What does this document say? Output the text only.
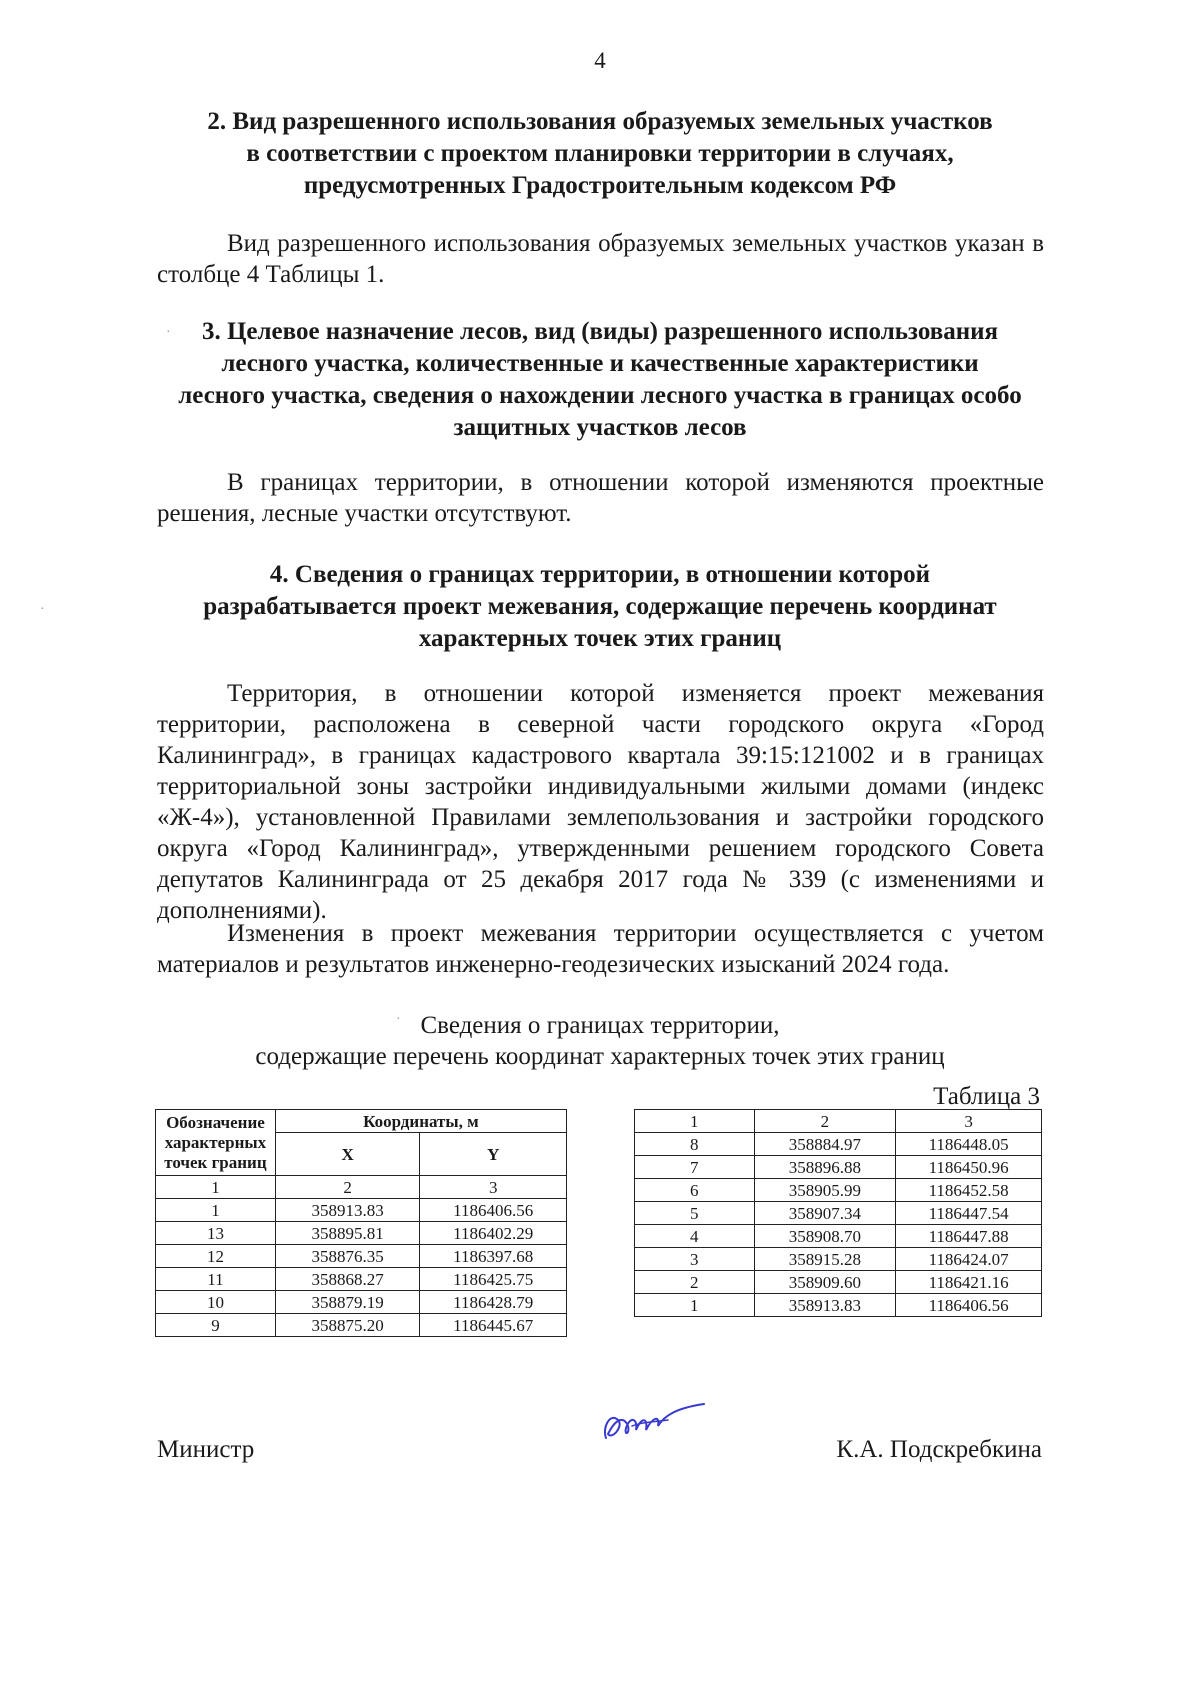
4
2. Вид разрешенного использования образуемых земельных участков
в соответствии с проектом планировки территории в случаях,
предусмотренных Градостроительным кодексом РФ

Вид разрешенного использования образуемых земельных участков указан в столбце 4 Таблицы 1.

3. Целевое назначение лесов, вид (виды) разрешенного использования
лесного участка, количественные и качественные характеристики
лесного участка, сведения о нахождении лесного участка в границах особо
защитных участков лесов

В границах территории, в отношении которой изменяются проектные решения, лесные участки отсутствуют.

4. Сведения о границах территории, в отношении которой
разрабатывается проект межевания, содержащие перечень координат
характерных точек этих границ

Территория, в отношении которой изменяется проект межевания территории, расположена в северной части городского округа «Город Калининград», в границах кадастрового квартала 39:15:121002 и в границах территориальной зоны застройки индивидуальными жилыми домами (индекс «Ж-4»), установленной Правилами землепользования и застройки городского округа «Город Калининград», утвержденными решением городского Совета депутатов Калининграда от 25 декабря 2017 года № 339 (с изменениями и дополнениями).

Изменения в проект межевания территории осуществляется с учетом материалов и результатов инженерно-геодезических изысканий 2024 года.

Сведения о границах территории,
содержащие перечень координат характерных точек этих границ
Таблица 3
Обозначение характерных точек границ	Координаты, м	
	X	Y
1	2	3
1	358913.83	1186406.56
13	358895.81	1186402.29
12	358876.35	1186397.68
11	358868.27	1186425.75
10	358879.19	1186428.79
9	358875.20	1186445.67
1	2	3
8	358884.97	1186448.05
7	358896.88	1186450.96
6	358905.99	1186452.58
5	358907.34	1186447.54
4	358908.70	1186447.88
3	358915.28	1186424.07
2	358909.60	1186421.16
1	358913.83	1186406.56
Министр	К.А. Подскребкина
·
·
·
